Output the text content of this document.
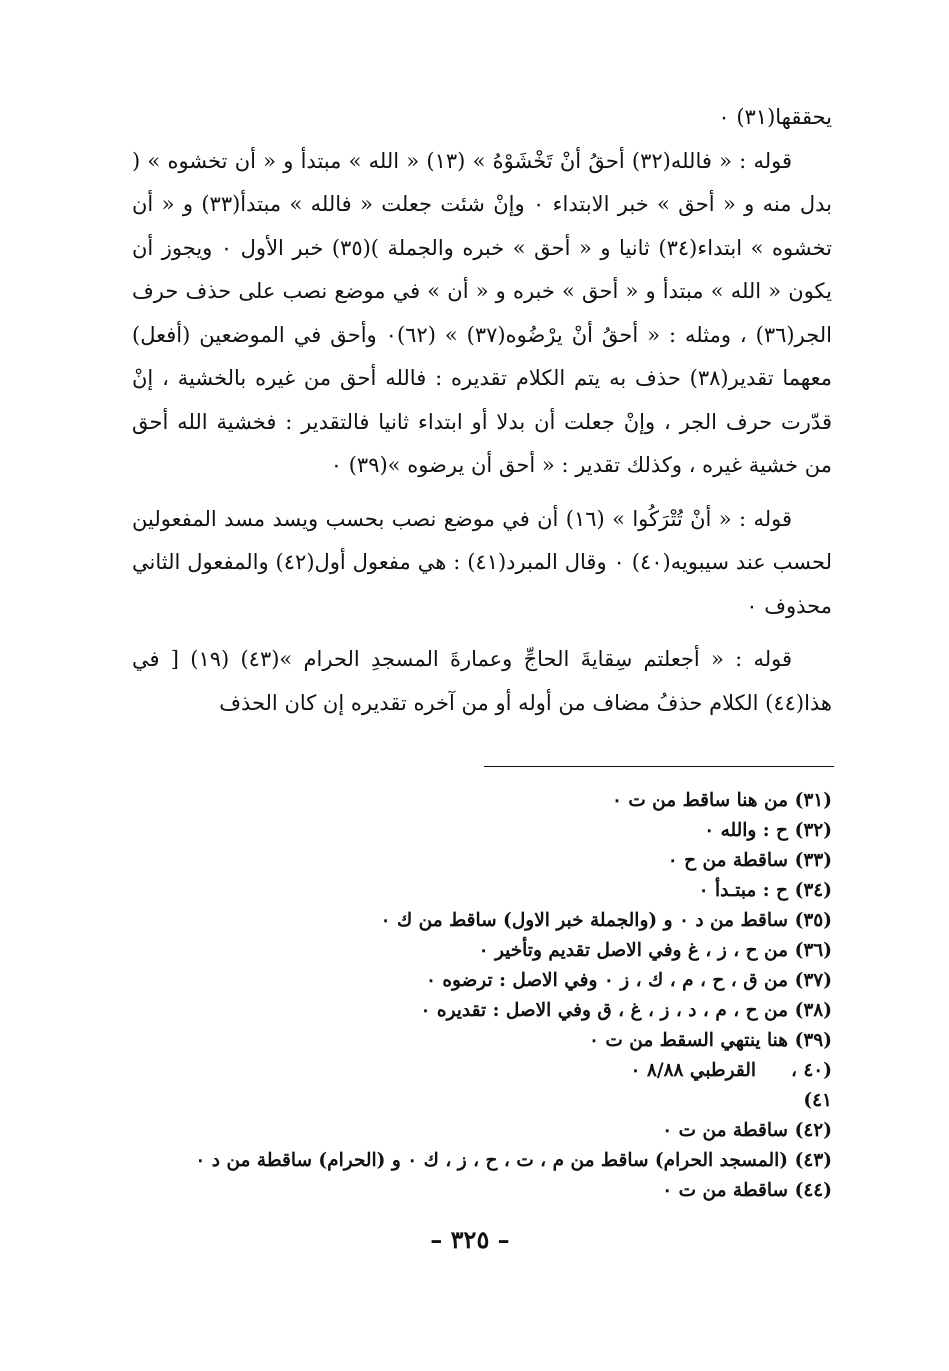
يحققها(٣١) ٠

قوله : « فالله(٣٢) أحقُ أنْ تَخْشَوْهُ » (١٣) « الله » مبتدأ و « أن تخشوه » ( بدل منه و « أحق » خبر الابتداء ٠ وإنْ شئت جعلت « فالله » مبتدأ(٣٣) و « أن تخشوه » ابتداء(٣٤) ثانيا و « أحق » خبره والجملة )(٣٥) خبر الأول ٠ ويجوز أن يكون « الله » مبتدأ و « أحق » خبره و « أن » في موضع نصب على حذف حرف الجر(٣٦) ، ومثله : « أحقُ أنْ يرْضُوه(٣٧) » (٦٢)٠ وأحق في الموضعين (أفعل) معهما تقدير(٣٨) حذف به يتم الكلام تقديره : فالله أحق من غيره بالخشية ، إنْ قدّرت حرف الجر ، وإنْ جعلت أن بدلا أو ابتداء ثانيا فالتقدير : فخشية الله أحق من خشية غيره ، وكذلك تقدير : « أحق أن يرضوه »(٣٩) ٠

قوله : « أنْ تُتْرَكُوا » (١٦) أن في موضع نصب بحسب ويسد مسد المفعولين لحسب عند سيبويه(٤٠) ٠ وقال المبرد(٤١) : هي مفعول أول(٤٢) والمفعول الثاني محذوف ٠

قوله : « أجعلتم سِقايةَ الحاجِّ وعمارةَ المسجدِ الحرام »(٤٣) (١٩) [ في هذا(٤٤) الكلام حذفُ مضاف من أوله أو من آخره تقديره إن كان الحذف

(٣١)
من هنا ساقط من ت ٠
(٣٢)
ح : والله ٠
(٣٣)
ساقطة من ح ٠
(٣٤)
ح : مبتـدأ ٠
(٣٥)
ساقط من د ٠ و (والجملة خبر الاول) ساقط من ك ٠
(٣٦)
من ح ، ز ، غ وفي الاصل تقديم وتأخير ٠
(٣٧)
من ق ، ح ، م ، ك ، ز ٠ وفي الاصل : ترضوه ٠
(٣٨)
من ح ، م ، د ، ز ، غ ، ق وفي الاصل : تقديره ٠
(٣٩)
هنا ينتهي السقط من ت ٠
(٤٠ ، ٤١)
القرطبي ٨/٨٨ ٠
(٤٢)
ساقطة من ت ٠
(٤٣)
(المسجد الحرام) ساقط من م ، ت ، ح ، ز ، ك ٠ و (الحرام) ساقطة من د ٠
(٤٤)
ساقطة من ت ٠
– ٣٢٥ –
